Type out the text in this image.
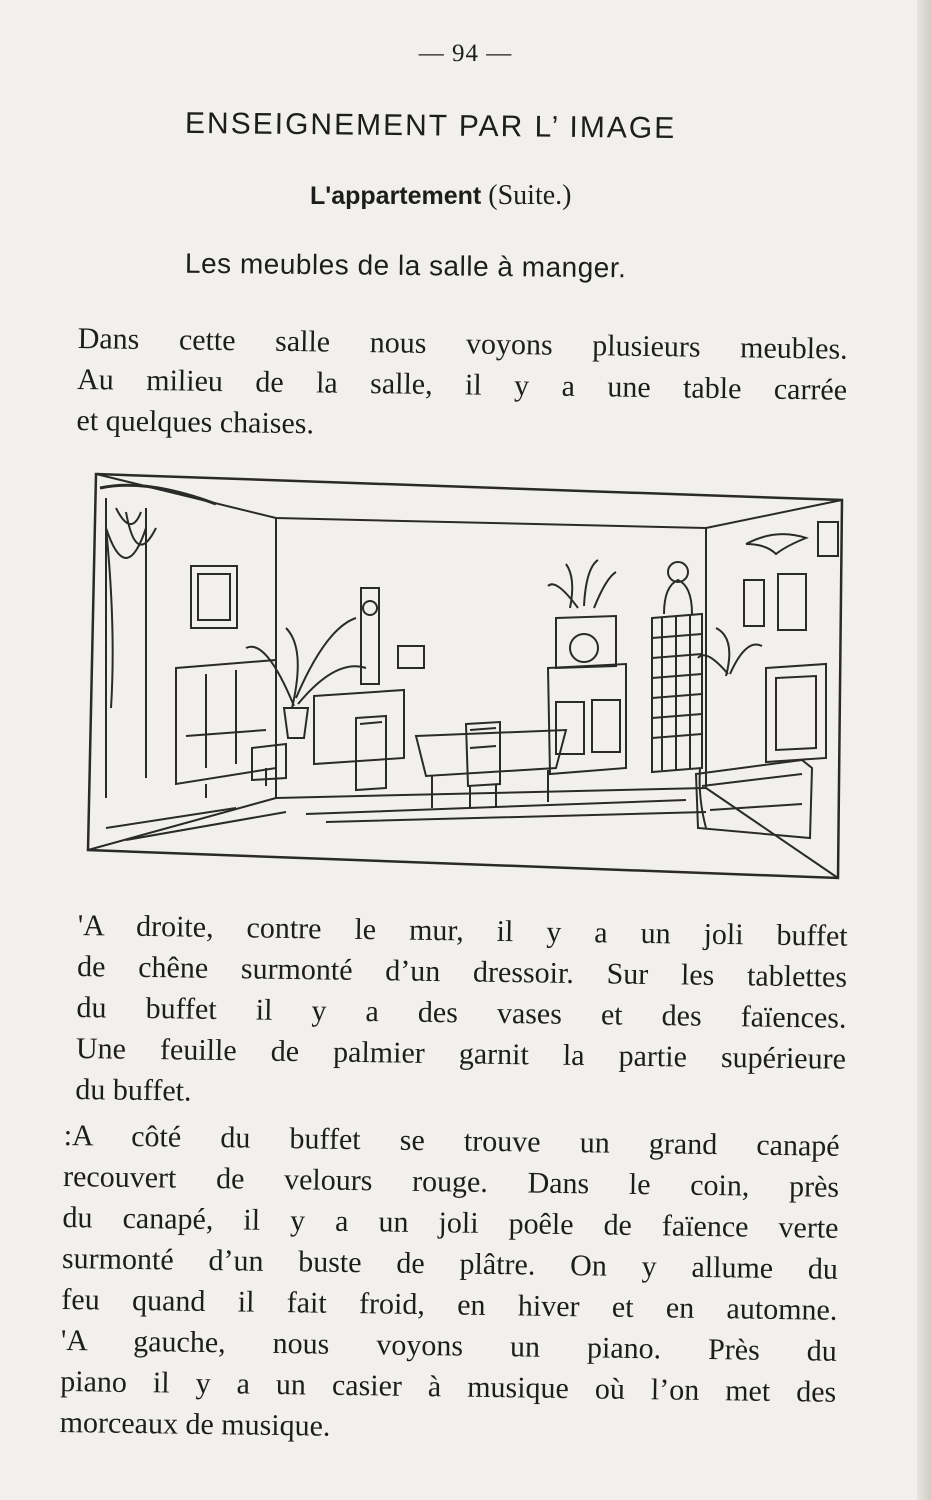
— 94 —
ENSEIGNEMENT PAR L’ IMAGE
L'appartement (Suite.)
Les meubles de la salle à manger.

Dans cette salle nous voyons plusieurs meubles.
Au milieu de la salle, il y a une table carrée
et quelques chaises.

'A droite, contre le mur, il y a un joli buffet
de chêne surmonté d’un dressoir. Sur les tablettes
du buffet il y a des vases et des faïences.
Une feuille de palmier garnit la partie supérieure
du buffet.

:A côté du buffet se trouve un grand canapé
recouvert de velours rouge. Dans le coin, près
du canapé, il y a un joli poêle de faïence verte
surmonté d’un buste de plâtre. On y allume du
feu quand il fait froid, en hiver et en automne.
'A gauche, nous voyons un piano. Près du
piano il y a un casier à musique où l’on met des
morceaux de musique.
